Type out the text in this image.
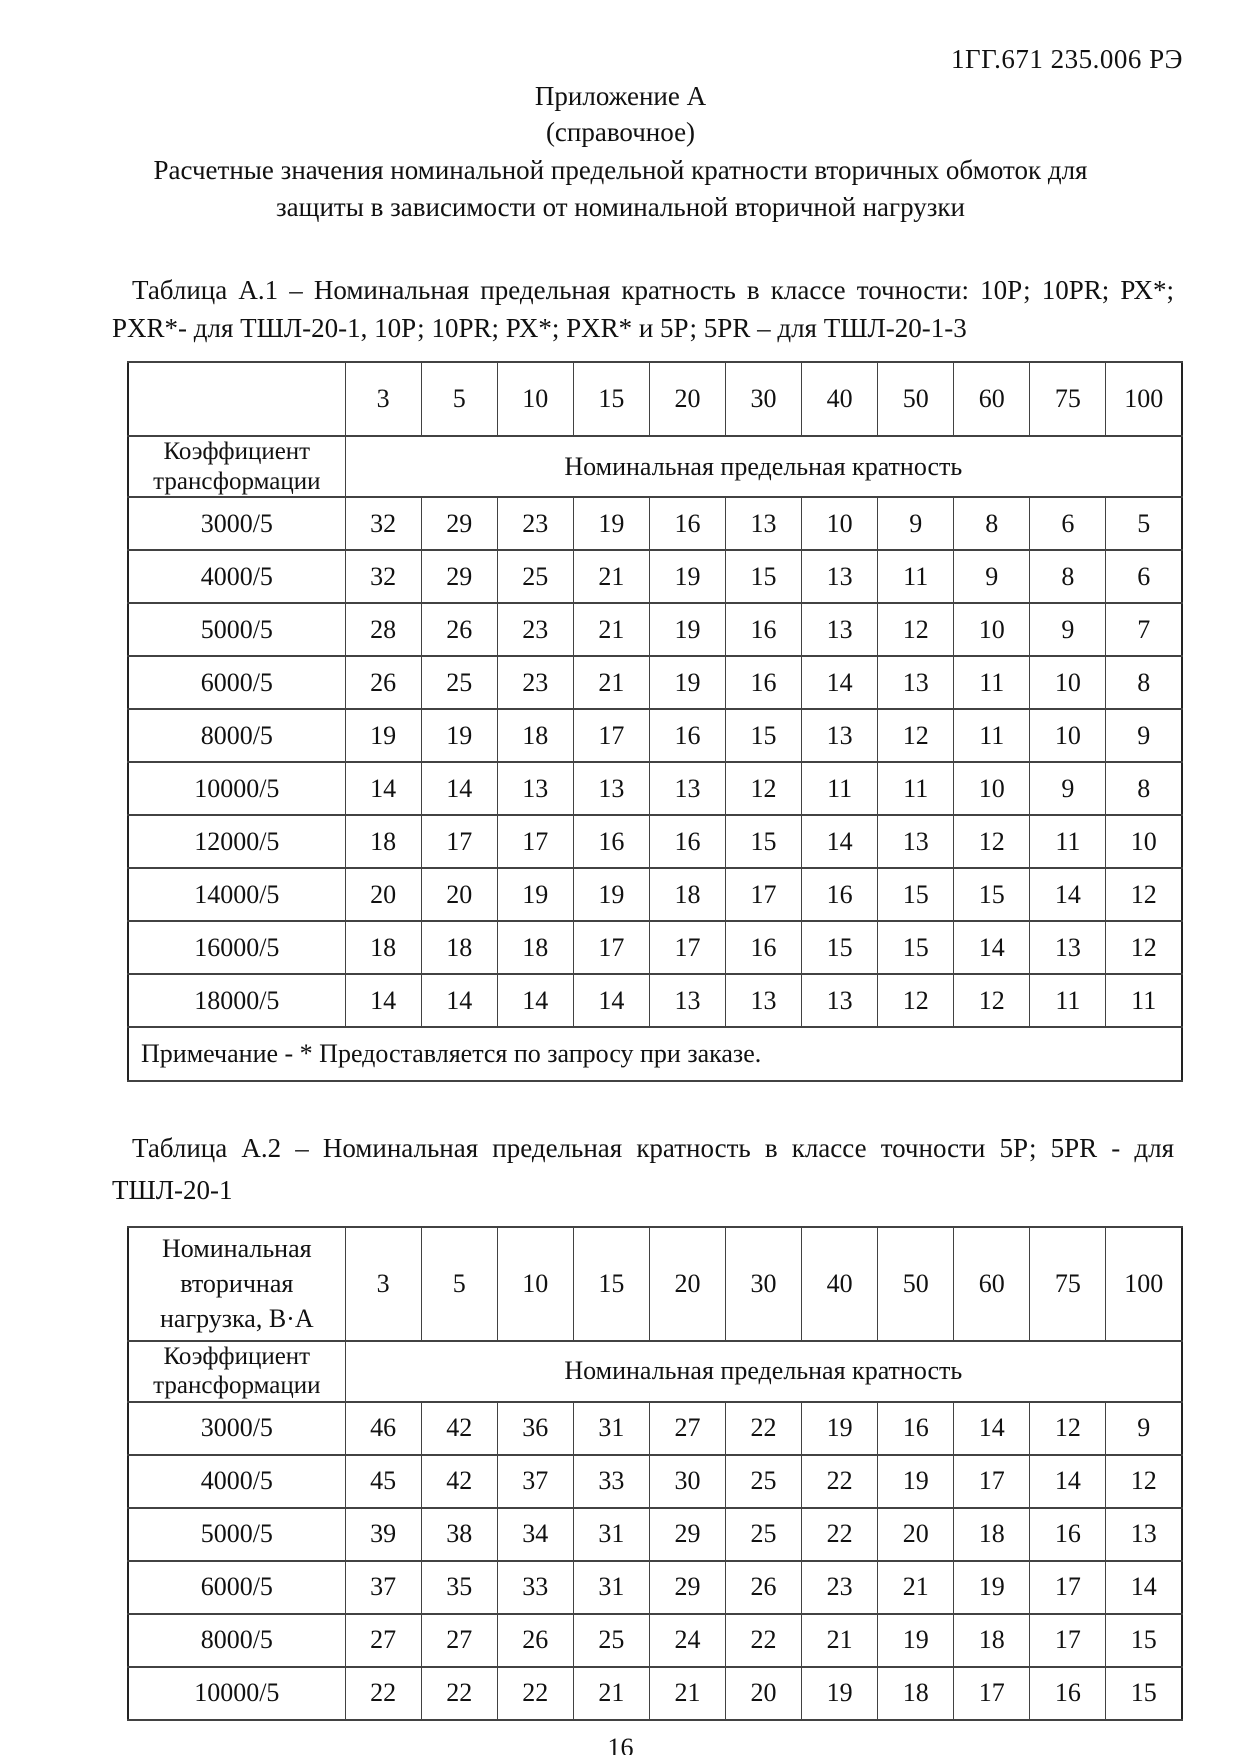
1ГГ.671 235.006 РЭ
Приложение А
(справочное)
Расчетные значения номинальной предельной кратности вторичных обмоток для защиты в зависимости от номинальной вторичной нагрузки

Таблица А.1 – Номинальная предельная кратность в классе точности: 10Р; 10PR; РХ*; PXR*- для ТШЛ-20-1, 10Р; 10PR; РХ*; PXR* и 5Р; 5PR – для ТШЛ-20-1-3

	3	5	10	15	20	30	40	50	60	75	100
Коэффициент трансформации	Номинальная предельная кратность										
3000/5	32	29	23	19	16	13	10	9	8	6	5
4000/5	32	29	25	21	19	15	13	11	9	8	6
5000/5	28	26	23	21	19	16	13	12	10	9	7
6000/5	26	25	23	21	19	16	14	13	11	10	8
8000/5	19	19	18	17	16	15	13	12	11	10	9
10000/5	14	14	13	13	13	12	11	11	10	9	8
12000/5	18	17	17	16	16	15	14	13	12	11	10
14000/5	20	20	19	19	18	17	16	15	15	14	12
16000/5	18	18	18	17	17	16	15	15	14	13	12
18000/5	14	14	14	14	13	13	13	12	12	11	11
Примечание - * Предоставляется по запросу при заказе.											

Таблица А.2 – Номинальная предельная кратность в классе точности 5Р; 5PR - для ТШЛ-20-1

Номинальная вторичная нагрузка, В·А	3	5	10	15	20	30	40	50	60	75	100
Коэффициент трансформации	Номинальная предельная кратность										
3000/5	46	42	36	31	27	22	19	16	14	12	9
4000/5	45	42	37	33	30	25	22	19	17	14	12
5000/5	39	38	34	31	29	25	22	20	18	16	13
6000/5	37	35	33	31	29	26	23	21	19	17	14
8000/5	27	27	26	25	24	22	21	19	18	17	15
10000/5	22	22	22	21	21	20	19	18	17	16	15
16
